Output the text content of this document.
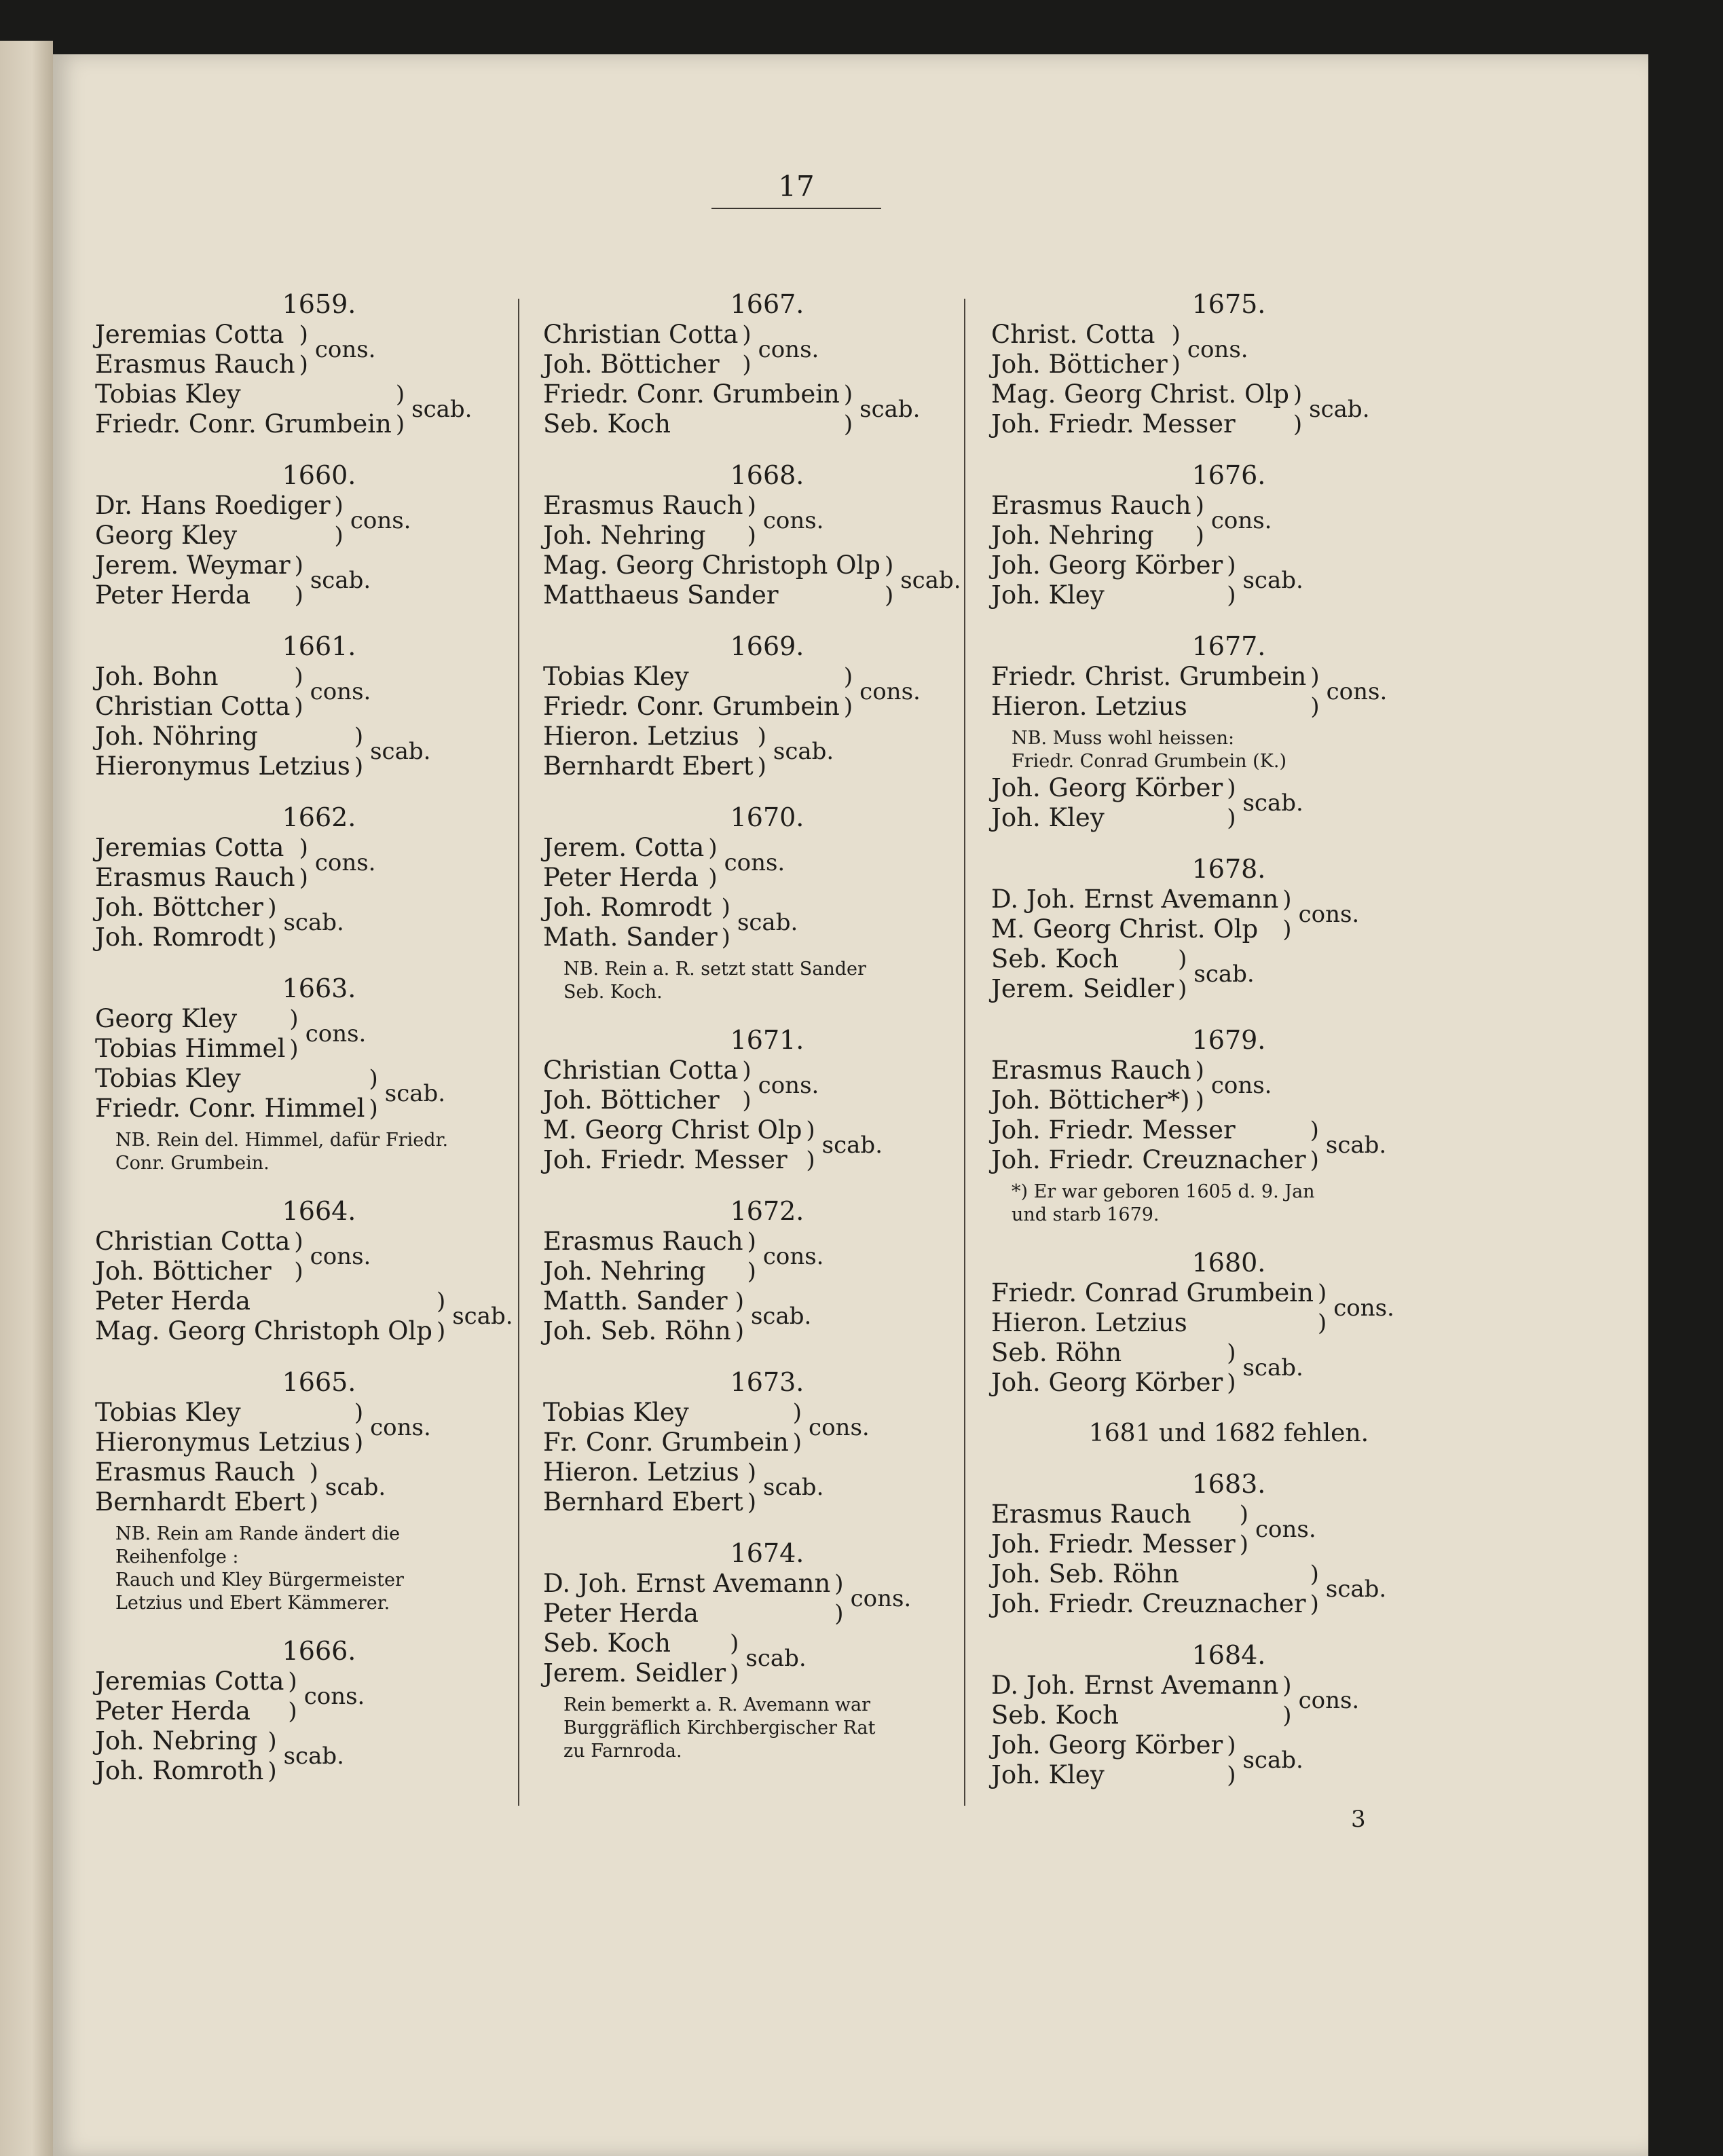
17
1659.
Jeremias Cotta
Erasmus Rauch
)
)
cons.
Tobias Kley
Friedr. Conr. Grumbein
)
)
scab.
1660.
Dr. Hans Roediger
Georg Kley
)
)
cons.
Jerem. Weymar
Peter Herda
)
)
scab.
1661.
Joh. Bohn
Christian Cotta
)
)
cons.
Joh. Nöhring
Hieronymus Letzius
)
)
scab.
1662.
Jeremias Cotta
Erasmus Rauch
)
)
cons.
Joh. Böttcher
Joh. Romrodt
)
)
scab.
1663.
Georg Kley
Tobias Himmel
)
)
cons.
Tobias Kley
Friedr. Conr. Himmel
)
)
scab.
NB. Rein del. Himmel, dafür Friedr.
Conr. Grumbein.
1664.
Christian Cotta
Joh. Bötticher
)
)
cons.
Peter Herda
Mag. Georg Christoph Olp
)
)
scab.
1665.
Tobias Kley
Hieronymus Letzius
)
)
cons.
Erasmus Rauch
Bernhardt Ebert
)
)
scab.
NB. Rein am Rande ändert die
Reihenfolge :
Rauch und Kley Bürgermeister
Letzius und Ebert Kämmerer.
1666.
Jeremias Cotta
Peter Herda
)
)
cons.
Joh. Nebring
Joh. Romroth
)
)
scab.
1667.
Christian Cotta
Joh. Bötticher
)
)
cons.
Friedr. Conr. Grumbein
Seb. Koch
)
)
scab.
1668.
Erasmus Rauch
Joh. Nehring
)
)
cons.
Mag. Georg Christoph Olp
Matthaeus Sander
)
)
scab.
1669.
Tobias Kley
Friedr. Conr. Grumbein
)
)
cons.
Hieron. Letzius
Bernhardt Ebert
)
)
scab.
1670.
Jerem. Cotta
Peter Herda
)
)
cons.
Joh. Romrodt
Math. Sander
)
)
scab.
NB. Rein a. R. setzt statt Sander
Seb. Koch.
1671.
Christian Cotta
Joh. Bötticher
)
)
cons.
M. Georg Christ Olp
Joh. Friedr. Messer
)
)
scab.
1672.
Erasmus Rauch
Joh. Nehring
)
)
cons.
Matth. Sander
Joh. Seb. Röhn
)
)
scab.
1673.
Tobias Kley
Fr. Conr. Grumbein
)
)
cons.
Hieron. Letzius
Bernhard Ebert
)
)
scab.
1674.
D. Joh. Ernst Avemann
Peter Herda
)
)
cons.
Seb. Koch
Jerem. Seidler
)
)
scab.
Rein bemerkt a. R. Avemann war
Burggräflich Kirchbergischer Rat
zu Farnroda.
1675.
Christ. Cotta
Joh. Bötticher
)
)
cons.
Mag. Georg Christ. Olp
Joh. Friedr. Messer
)
)
scab.
1676.
Erasmus Rauch
Joh. Nehring
)
)
cons.
Joh. Georg Körber
Joh. Kley
)
)
scab.
1677.
Friedr. Christ. Grumbein
Hieron. Letzius
)
)
cons.
NB. Muss wohl heissen:
Friedr. Conrad Grumbein (K.)
Joh. Georg Körber
Joh. Kley
)
)
scab.
1678.
D. Joh. Ernst Avemann
M. Georg Christ. Olp
)
)
cons.
Seb. Koch
Jerem. Seidler
)
)
scab.
1679.
Erasmus Rauch
Joh. Bötticher*)
)
)
cons.
Joh. Friedr. Messer
Joh. Friedr. Creuznacher
)
)
scab.
*) Er war geboren 1605 d. 9. Jan
und starb 1679.
1680.
Friedr. Conrad Grumbein
Hieron. Letzius
)
)
cons.
Seb. Röhn
Joh. Georg Körber
)
)
scab.
1681 und 1682 fehlen.
1683.
Erasmus Rauch
Joh. Friedr. Messer
)
)
cons.
Joh. Seb. Röhn
Joh. Friedr. Creuznacher
)
)
scab.
1684.
D. Joh. Ernst Avemann
Seb. Koch
)
)
cons.
Joh. Georg Körber
Joh. Kley
)
)
scab.
3
